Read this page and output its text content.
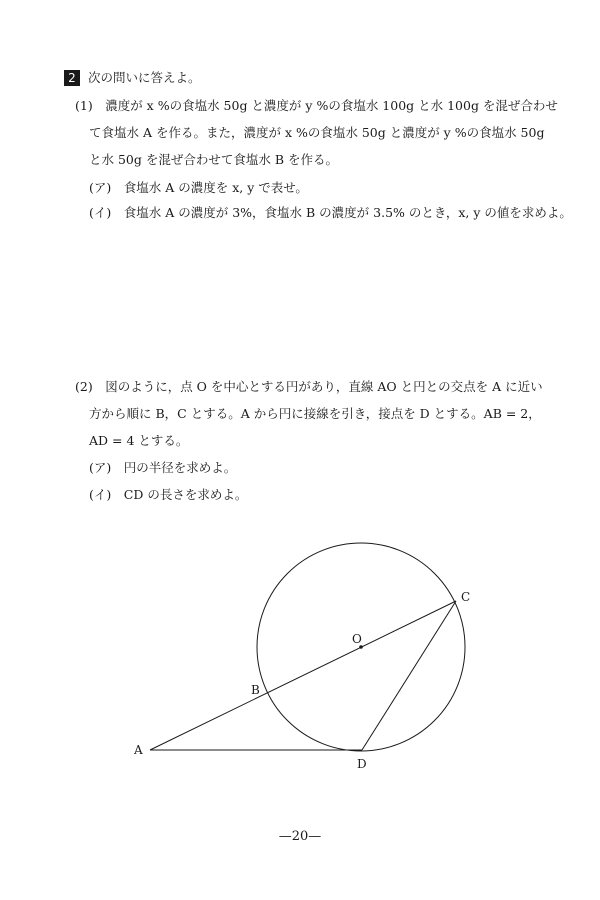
2 次の問いに答えよ。
(1)　濃度が x %の食塩水 50g と濃度が y %の食塩水 100g と水 100g を混ぜ合わせ
て食塩水 A を作る。また，濃度が x %の食塩水 50g と濃度が y %の食塩水 50g
と水 50g を混ぜ合わせて食塩水 B を作る。
(ア)　食塩水 A の濃度を x, y で表せ。
(イ)　食塩水 A の濃度が 3%，食塩水 B の濃度が 3.5% のとき，x, y の値を求めよ。
(2)　図のように，点 O を中心とする円があり，直線 AO と円との交点を A に近い
方から順に B，C とする。A から円に接線を引き，接点を D とする。AB = 2，
AD = 4 とする。
(ア)　円の半径を求めよ。
(イ)　CD の長さを求めよ。
A
B
C
D
O
—20—
